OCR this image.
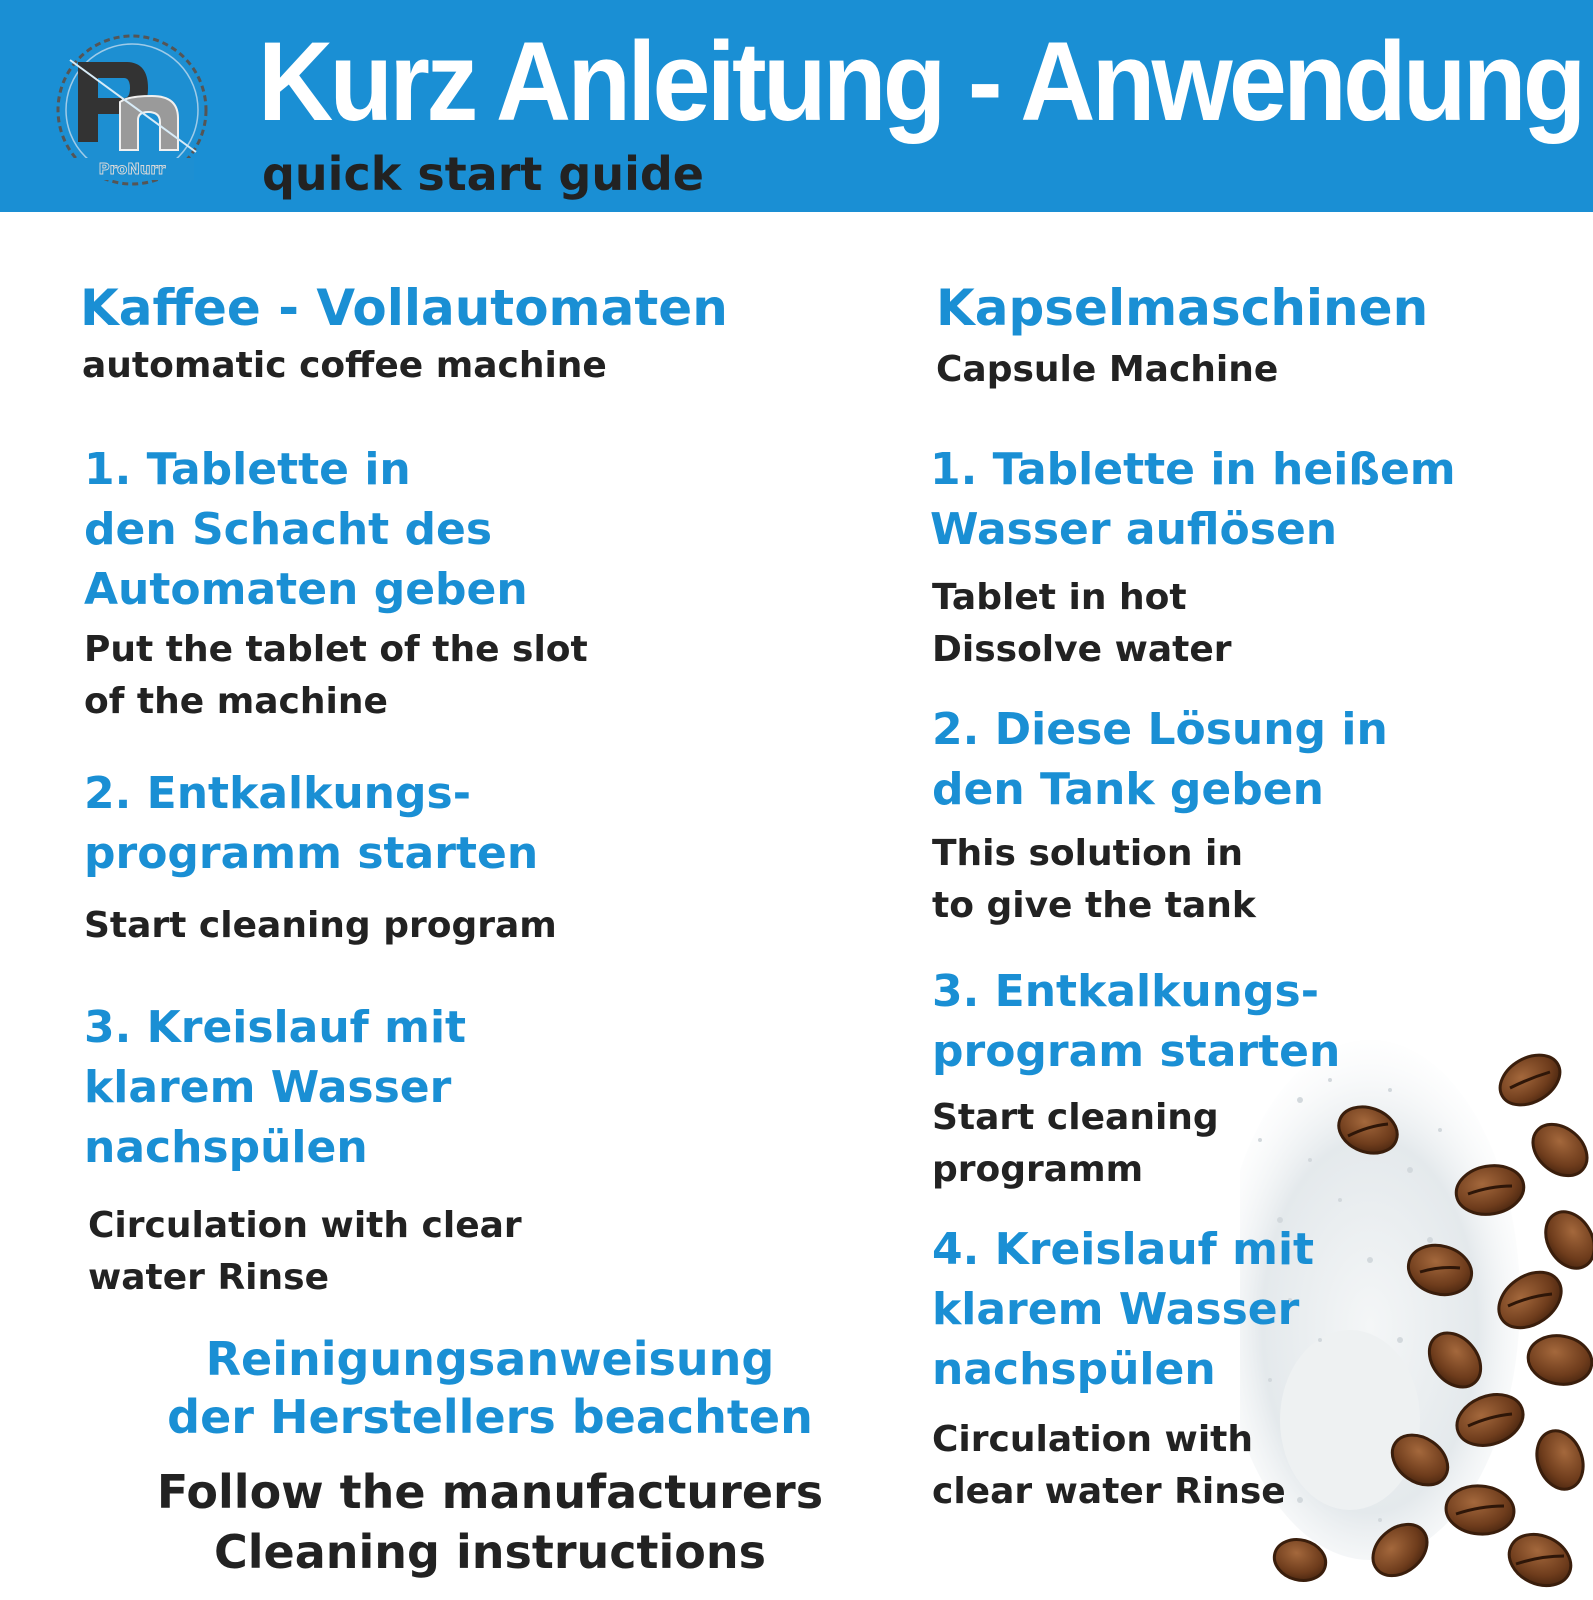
ProNurr
Kurz Anleitung - Anwendung
quick start guide
Kaffee - Vollautomaten
automatic coffee machine
1. Tablette in
den Schacht des
Automaten geben
Put the tablet of the slot
of the machine
2. Entkalkungs-
programm starten
Start cleaning program
3. Kreislauf mit
klarem Wasser
nachspülen
Circulation with clear
water Rinse
Reinigungsanweisung
der Herstellers beachten
Follow the manufacturers
Cleaning instructions
Kapselmaschinen
Capsule Machine
1. Tablette in heißem
Wasser auflösen
Tablet in hot
Dissolve water
2. Diese Lösung in
den Tank geben
This solution in
to give the tank
3. Entkalkungs-
program starten
Start cleaning
programm
4. Kreislauf mit
klarem Wasser
nachspülen
Circulation with
clear water Rinse
